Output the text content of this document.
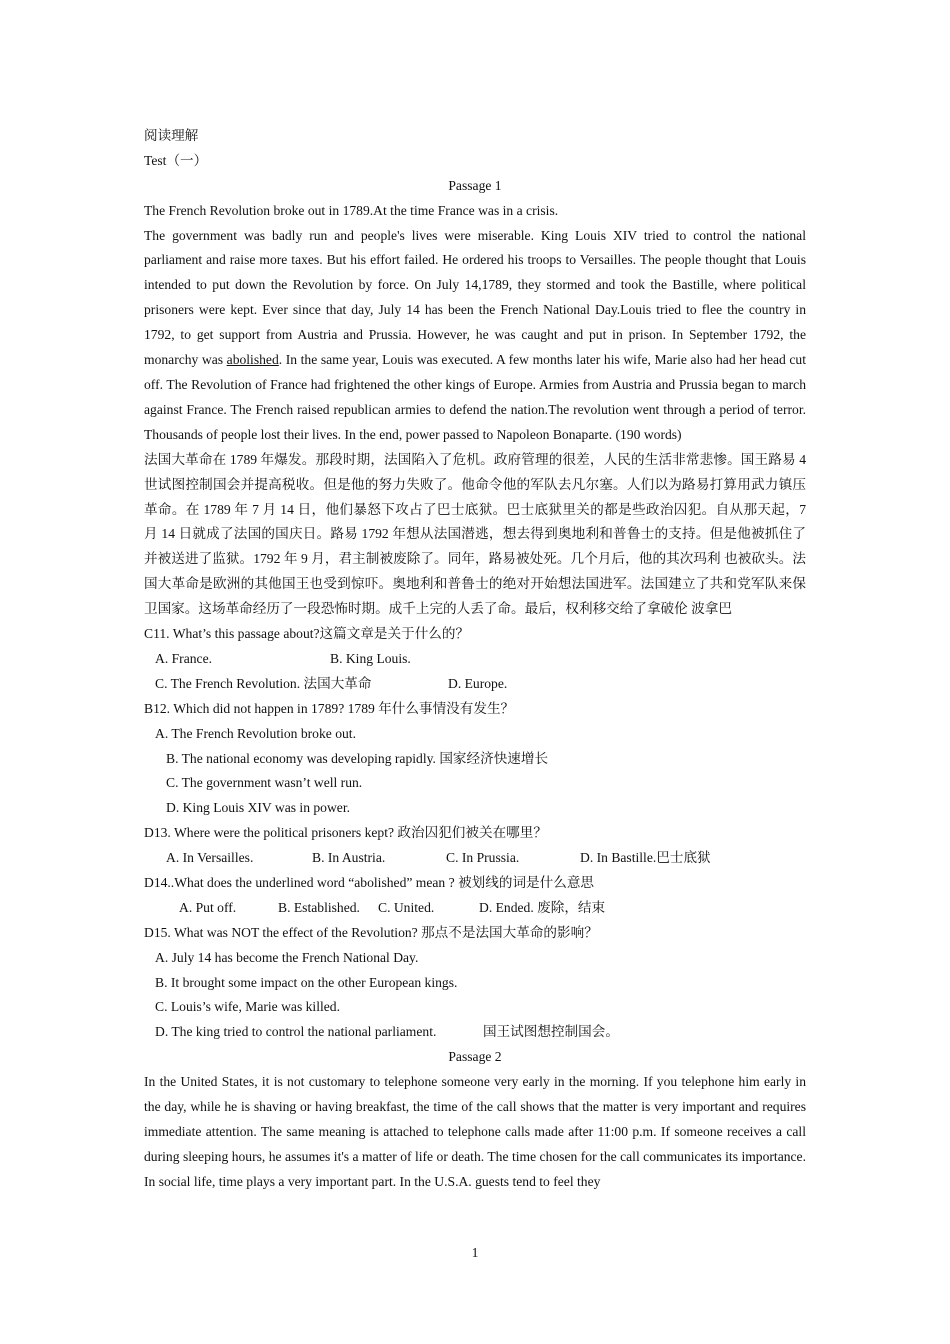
阅读理解
Test（一）
Passage 1
The French Revolution broke out in 1789.At the time France was in a crisis.
The government was badly run and people's lives were miserable. King Louis XIV tried to control the national parliament and raise more taxes. But his effort failed. He ordered his troops to Versailles. The people thought that Louis intended to put down the Revolution by force. On July 14,1789, they stormed and took the Bastille, where political prisoners were kept. Ever since that day, July 14 has been the French National Day.Louis tried to flee the country in 1792, to get support from Austria and Prussia. However, he was caught and put in prison. In September 1792, the monarchy was abolished. In the same year, Louis was executed. A few months later his wife, Marie also had her head cut off. The Revolution of France had frightened the other kings of Europe. Armies from Austria and Prussia began to march against France. The French raised republican armies to defend the nation.The revolution went through a period of terror. Thousands of people lost their lives. In the end, power passed to Napoleon Bonaparte. (190 words)
法国大革命在 1789 年爆发。那段时期，法国陷入了危机。政府管理的很差，人民的生活非常悲惨。国王路易 4 世试图控制国会并提高税收。但是他的努力失败了。他命令他的军队去凡尔塞。人们以为路易打算用武力镇压革命。在 1789 年 7 月 14 日，他们暴怒下攻占了巴士底狱。巴士底狱里关的都是些政治囚犯。自从那天起，7 月 14 日就成了法国的国庆日。路易 1792 年想从法国潜逃，想去得到奥地利和普鲁士的支持。但是他被抓住了并被送进了监狱。1792 年 9 月，君主制被废除了。同年，路易被处死。几个月后，他的其次玛利 也被砍头。法国大革命是欧洲的其他国王也受到惊吓。奥地利和普鲁士的绝对开始想法国进军。法国建立了共和党军队来保卫国家。这场革命经历了一段恐怖时期。成千上完的人丢了命。最后，权利移交给了拿破伦 波拿巴
C11. What’s this passage about?这篇文章是关于什么的？
A. France.	B. King Louis.
C. The French Revolution. 法国大革命	D. Europe.
B12. Which did not happen in 1789? 1789 年什么事情没有发生？
A. The French Revolution broke out.
B. The national economy was developing rapidly. 国家经济快速增长
C. The government wasn’t well run.
D. King Louis XIV was in power.
D13. Where were the political prisoners kept? 政治囚犯们被关在哪里？
A. In Versailles.	B. In Austria.	C. In Prussia.	D. In Bastille.巴士底狱
D14..What does the underlined word “abolished” mean ? 被划线的词是什么意思
A. Put off.	B. Established.	C. United.	D. Ended. 废除，结束
D15. What was NOT the effect of the Revolution? 那点不是法国大革命的影响？
A. July 14 has become the French National Day.
B. It brought some impact on the other European kings.
C. Louis’s wife, Marie was killed.
D. The king tried to control the national parliament.	国王试图想控制国会。
Passage 2
In the United States, it is not customary to telephone someone very early in the morning. If you telephone him early in the day, while he is shaving or having breakfast, the time of the call shows that the matter is very important and requires immediate attention. The same meaning is attached to telephone calls made after 11:00 p.m. If someone receives a call during sleeping hours, he assumes it's a matter of life or death. The time chosen for the call communicates its importance. In social life, time plays a very important part. In the U.S.A. guests tend to feel they
1
